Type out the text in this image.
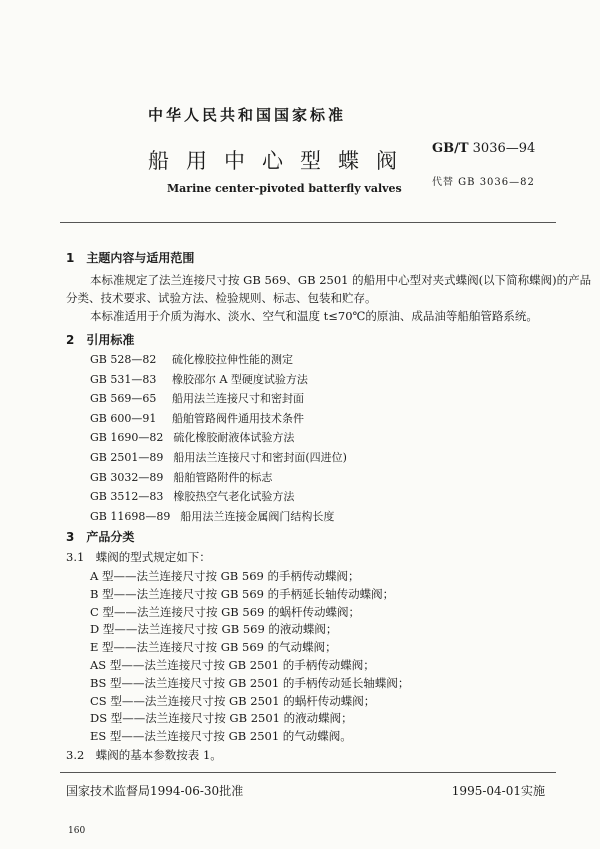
中华人民共和国国家标准
船用中心型蝶阀
GB/T 3036—94
代替 GB 3036—82
Marine center-pivoted batterfly valves
1　主题内容与适用范围
本标准规定了法兰连接尺寸按 GB 569、GB 2501 的船用中心型对夹式蝶阀(以下简称蝶阀)的产品
分类、技术要求、试验方法、检验规则、标志、包装和贮存。
本标准适用于介质为海水、淡水、空气和温度 t≤70℃的原油、成品油等船舶管路系统。
2　引用标准
GB 528—82 硫化橡胶拉伸性能的测定
GB 531—83 橡胶邵尔 A 型硬度试验方法
GB 569—65 船用法兰连接尺寸和密封面
GB 600—91 船舶管路阀件通用技术条件
GB 1690—82 硫化橡胶耐液体试验方法
GB 2501—89 船用法兰连接尺寸和密封面(四进位)
GB 3032—89 船舶管路附件的标志
GB 3512—83 橡胶热空气老化试验方法
GB 11698—89 船用法兰连接金属阀门结构长度
3　产品分类
3.1　蝶阀的型式规定如下：
A 型——法兰连接尺寸按 GB 569 的手柄传动蝶阀；
B 型——法兰连接尺寸按 GB 569 的手柄延长轴传动蝶阀；
C 型——法兰连接尺寸按 GB 569 的蜗杆传动蝶阀；
D 型——法兰连接尺寸按 GB 569 的液动蝶阀；
E 型——法兰连接尺寸按 GB 569 的气动蝶阀；
AS 型——法兰连接尺寸按 GB 2501 的手柄传动蝶阀；
BS 型——法兰连接尺寸按 GB 2501 的手柄传动延长轴蝶阀；
CS 型——法兰连接尺寸按 GB 2501 的蜗杆传动蝶阀；
DS 型——法兰连接尺寸按 GB 2501 的液动蝶阀；
ES 型——法兰连接尺寸按 GB 2501 的气动蝶阀。
3.2　蝶阀的基本参数按表 1。
国家技术监督局1994-06-30批准	1995-04-01实施
160
